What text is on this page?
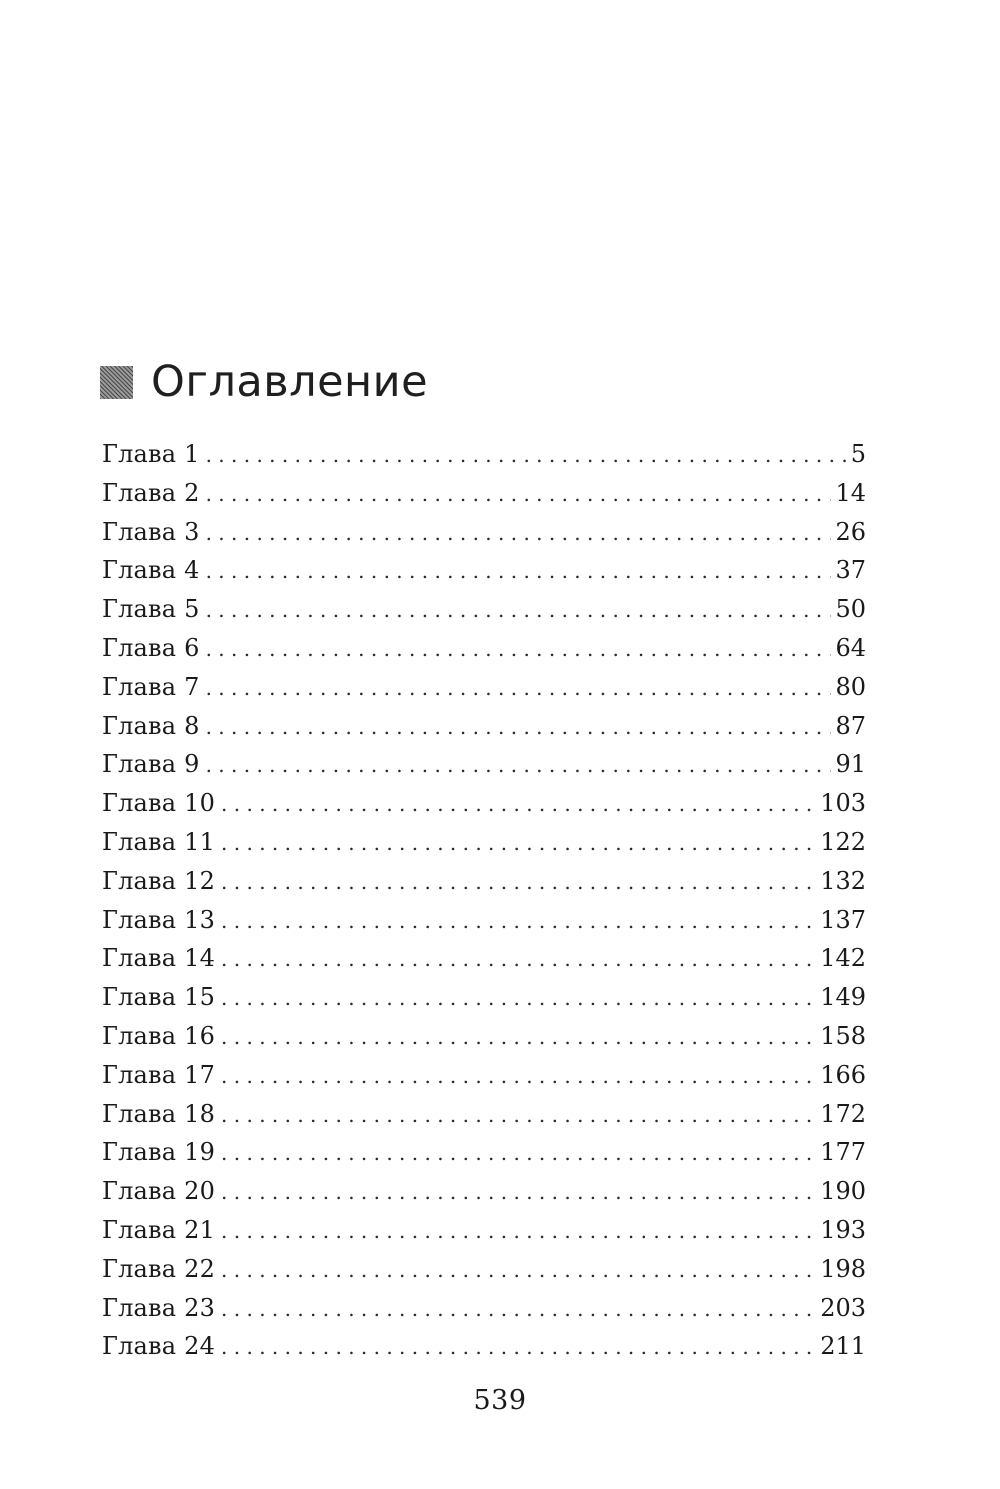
Оглавление
Глава 1 . . .	5
Глава 2 . . .	14
Глава 3 . . .	26
Глава 4 . . .	37
Глава 5 . . .	50
Глава 6 . . .	64
Глава 7 . . .	80
Глава 8 . . .	87
Глава 9 . . .	91
Глава 10 . . .	103
Глава 11 . . .	122
Глава 12 . . .	132
Глава 13 . . .	137
Глава 14 . . .	142
Глава 15 . . .	149
Глава 16 . . .	158
Глава 17 . . .	166
Глава 18 . . .	172
Глава 19 . . .	177
Глава 20 . . .	190
Глава 21 . . .	193
Глава 22 . . .	198
Глава 23 . . .	203
Глава 24 . . .	211
539
